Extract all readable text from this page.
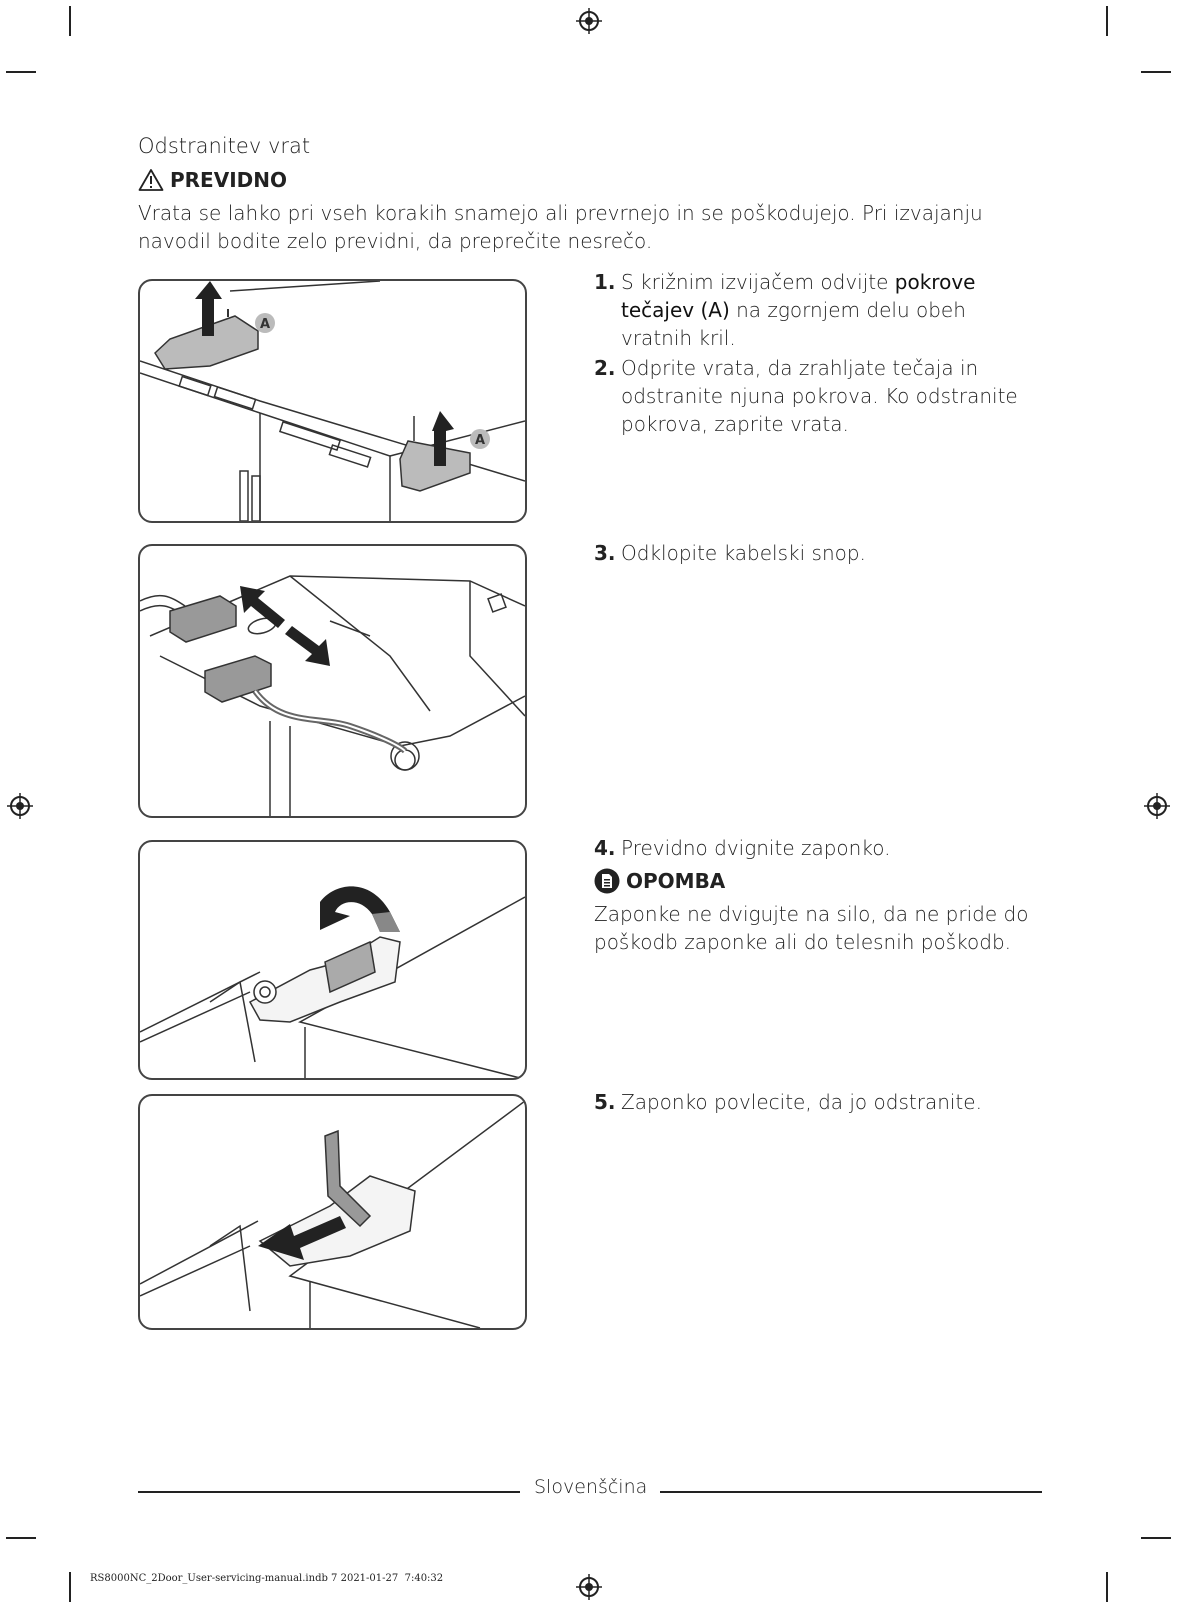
Odstranitev vrat
PREVIDNO
Vrata se lahko pri vseh korakih snamejo ali prevrnejo in se poškodujejo. Pri izvajanju navodil bodite zelo previdni, da preprečite nesrečo.
A
A
1. S križnim izvijačem odvijte pokrove tečajev (A) na zgornjem delu obeh vratnih kril.
2. Odprite vrata, da zrahljate tečaja in odstranite njuna pokrova. Ko odstranite pokrova, zaprite vrata.
3. Odklopite kabelski snop.
4. Previdno dvignite zaponko.
OPOMBA
Zaponke ne dvigujte na silo, da ne pride do poškodb zaponke ali do telesnih poškodb.
5. Zaponko povlecite, da jo odstranite.
Slovenščina
RS8000NC_2Door_User-servicing-manual.indb 7 2021-01-27 ￼ 7:40:32
